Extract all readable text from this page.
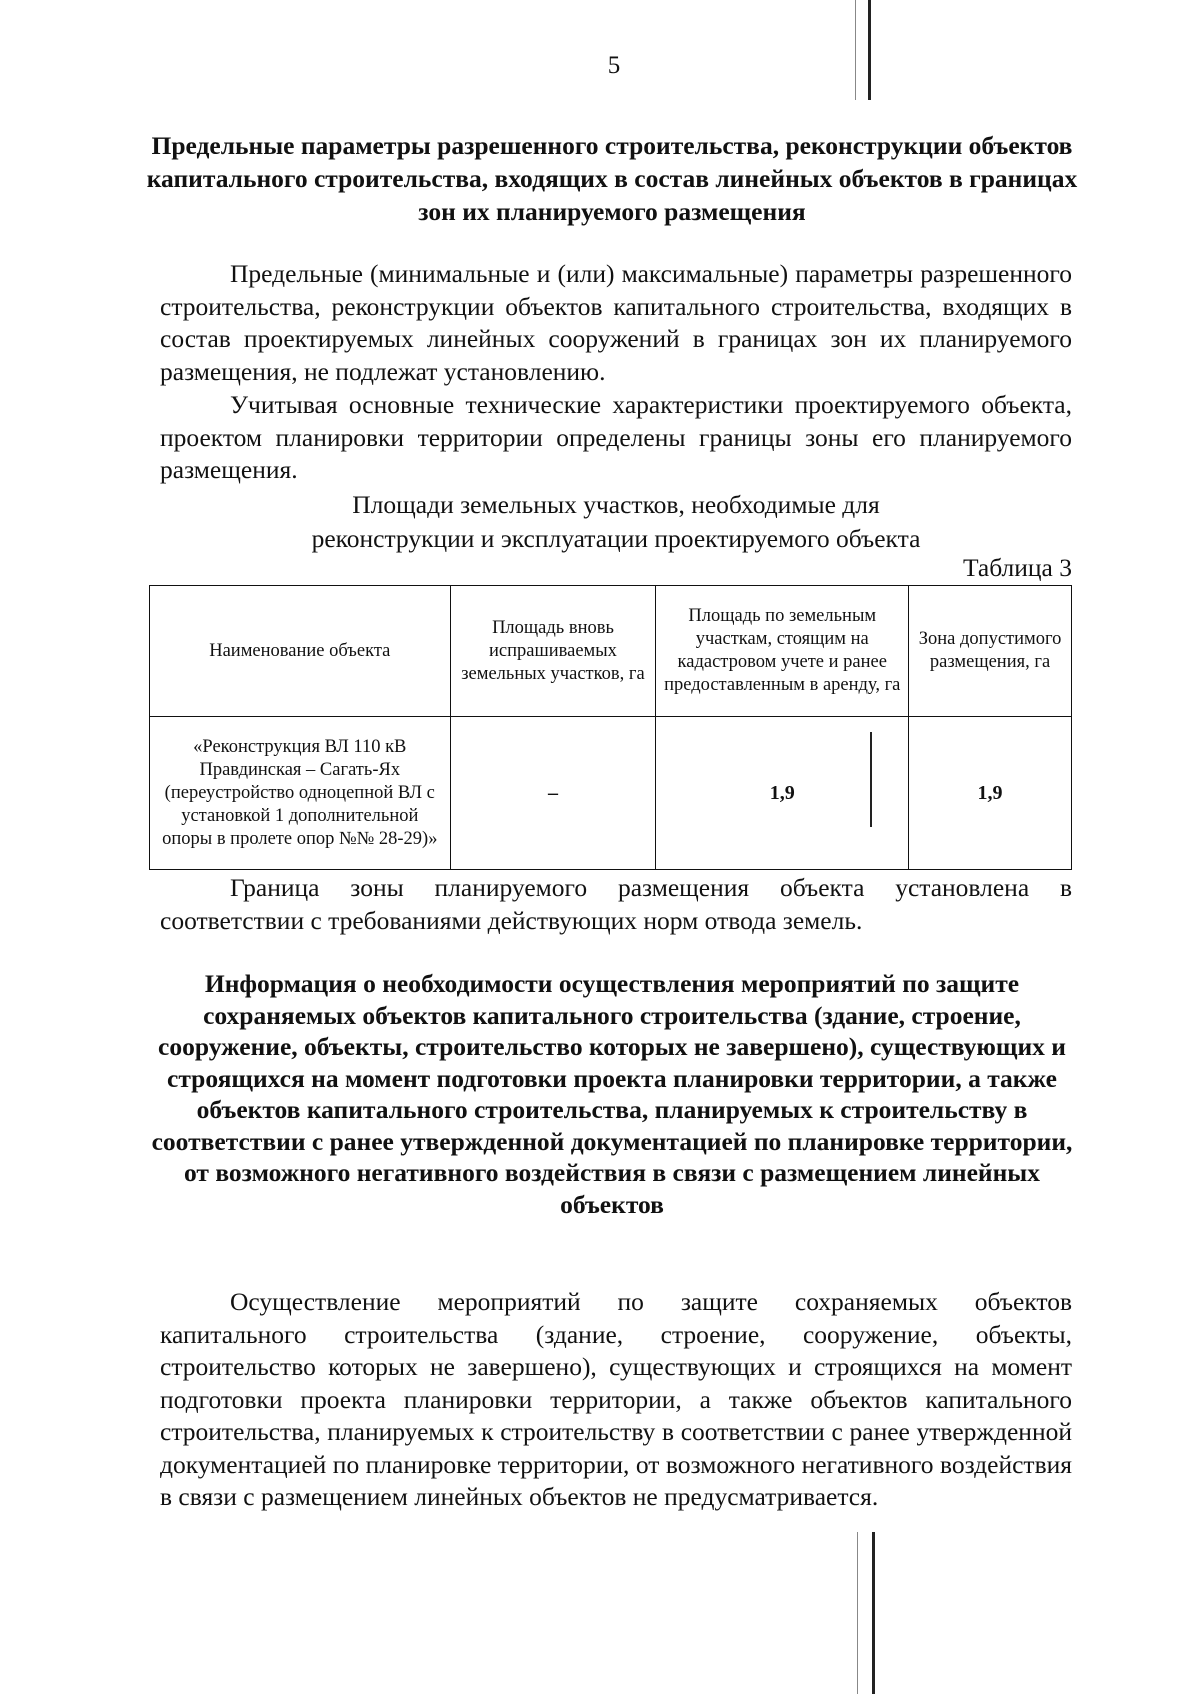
5
Предельные параметры разрешенного строительства, реконструкции объектов капитального строительства, входящих в состав линейных объектов в границах зон их планируемого размещения

Предельные (минимальные и (или) максимальные) параметры разрешенного строительства, реконструкции объектов капитального строительства, входящих в состав проектируемых линейных сооружений в границах зон их планируемого размещения, не подлежат установлению.

Учитывая основные технические характеристики проектируемого объекта, проектом планировки территории определены границы зоны его планируемого размещения.

Площади земельных участков, необходимые для
реконструкции и эксплуатации проектируемого объекта
Таблица 3
Наименование объекта	Площадь вновь испрашиваемых земельных участков, га	Площадь по земельным участкам, стоящим на кадастровом учете и ранее предоставленным в аренду, га	Зона допустимого размещения, га
«Реконструкция ВЛ 110 кВ Правдинская – Сагать-Ях (переустройство одноцепной ВЛ с установкой 1 дополнительной опоры в пролете опор №№ 28-29)»	–	1,9	1,9

Граница зоны планируемого размещения объекта установлена в соответствии с требованиями действующих норм отвода земель.

Информация о необходимости осуществления мероприятий по защите сохраняемых объектов капитального строительства (здание, строение, сооружение, объекты, строительство которых не завершено), существующих и строящихся на момент подготовки проекта планировки территории, а также объектов капитального строительства, планируемых к строительству в соответствии с ранее утвержденной документацией по планировке территории, от возможного негативного воздействия в связи с размещением линейных объектов

Осуществление мероприятий по защите сохраняемых объектов капитального строительства (здание, строение, сооружение, объекты, строительство которых не завершено), существующих и строящихся на момент подготовки проекта планировки территории, а также объектов капитального строительства, планируемых к строительству в соответствии с ранее утвержденной документацией по планировке территории, от возможного негативного воздействия в связи с размещением линейных объектов не предусматривается.
